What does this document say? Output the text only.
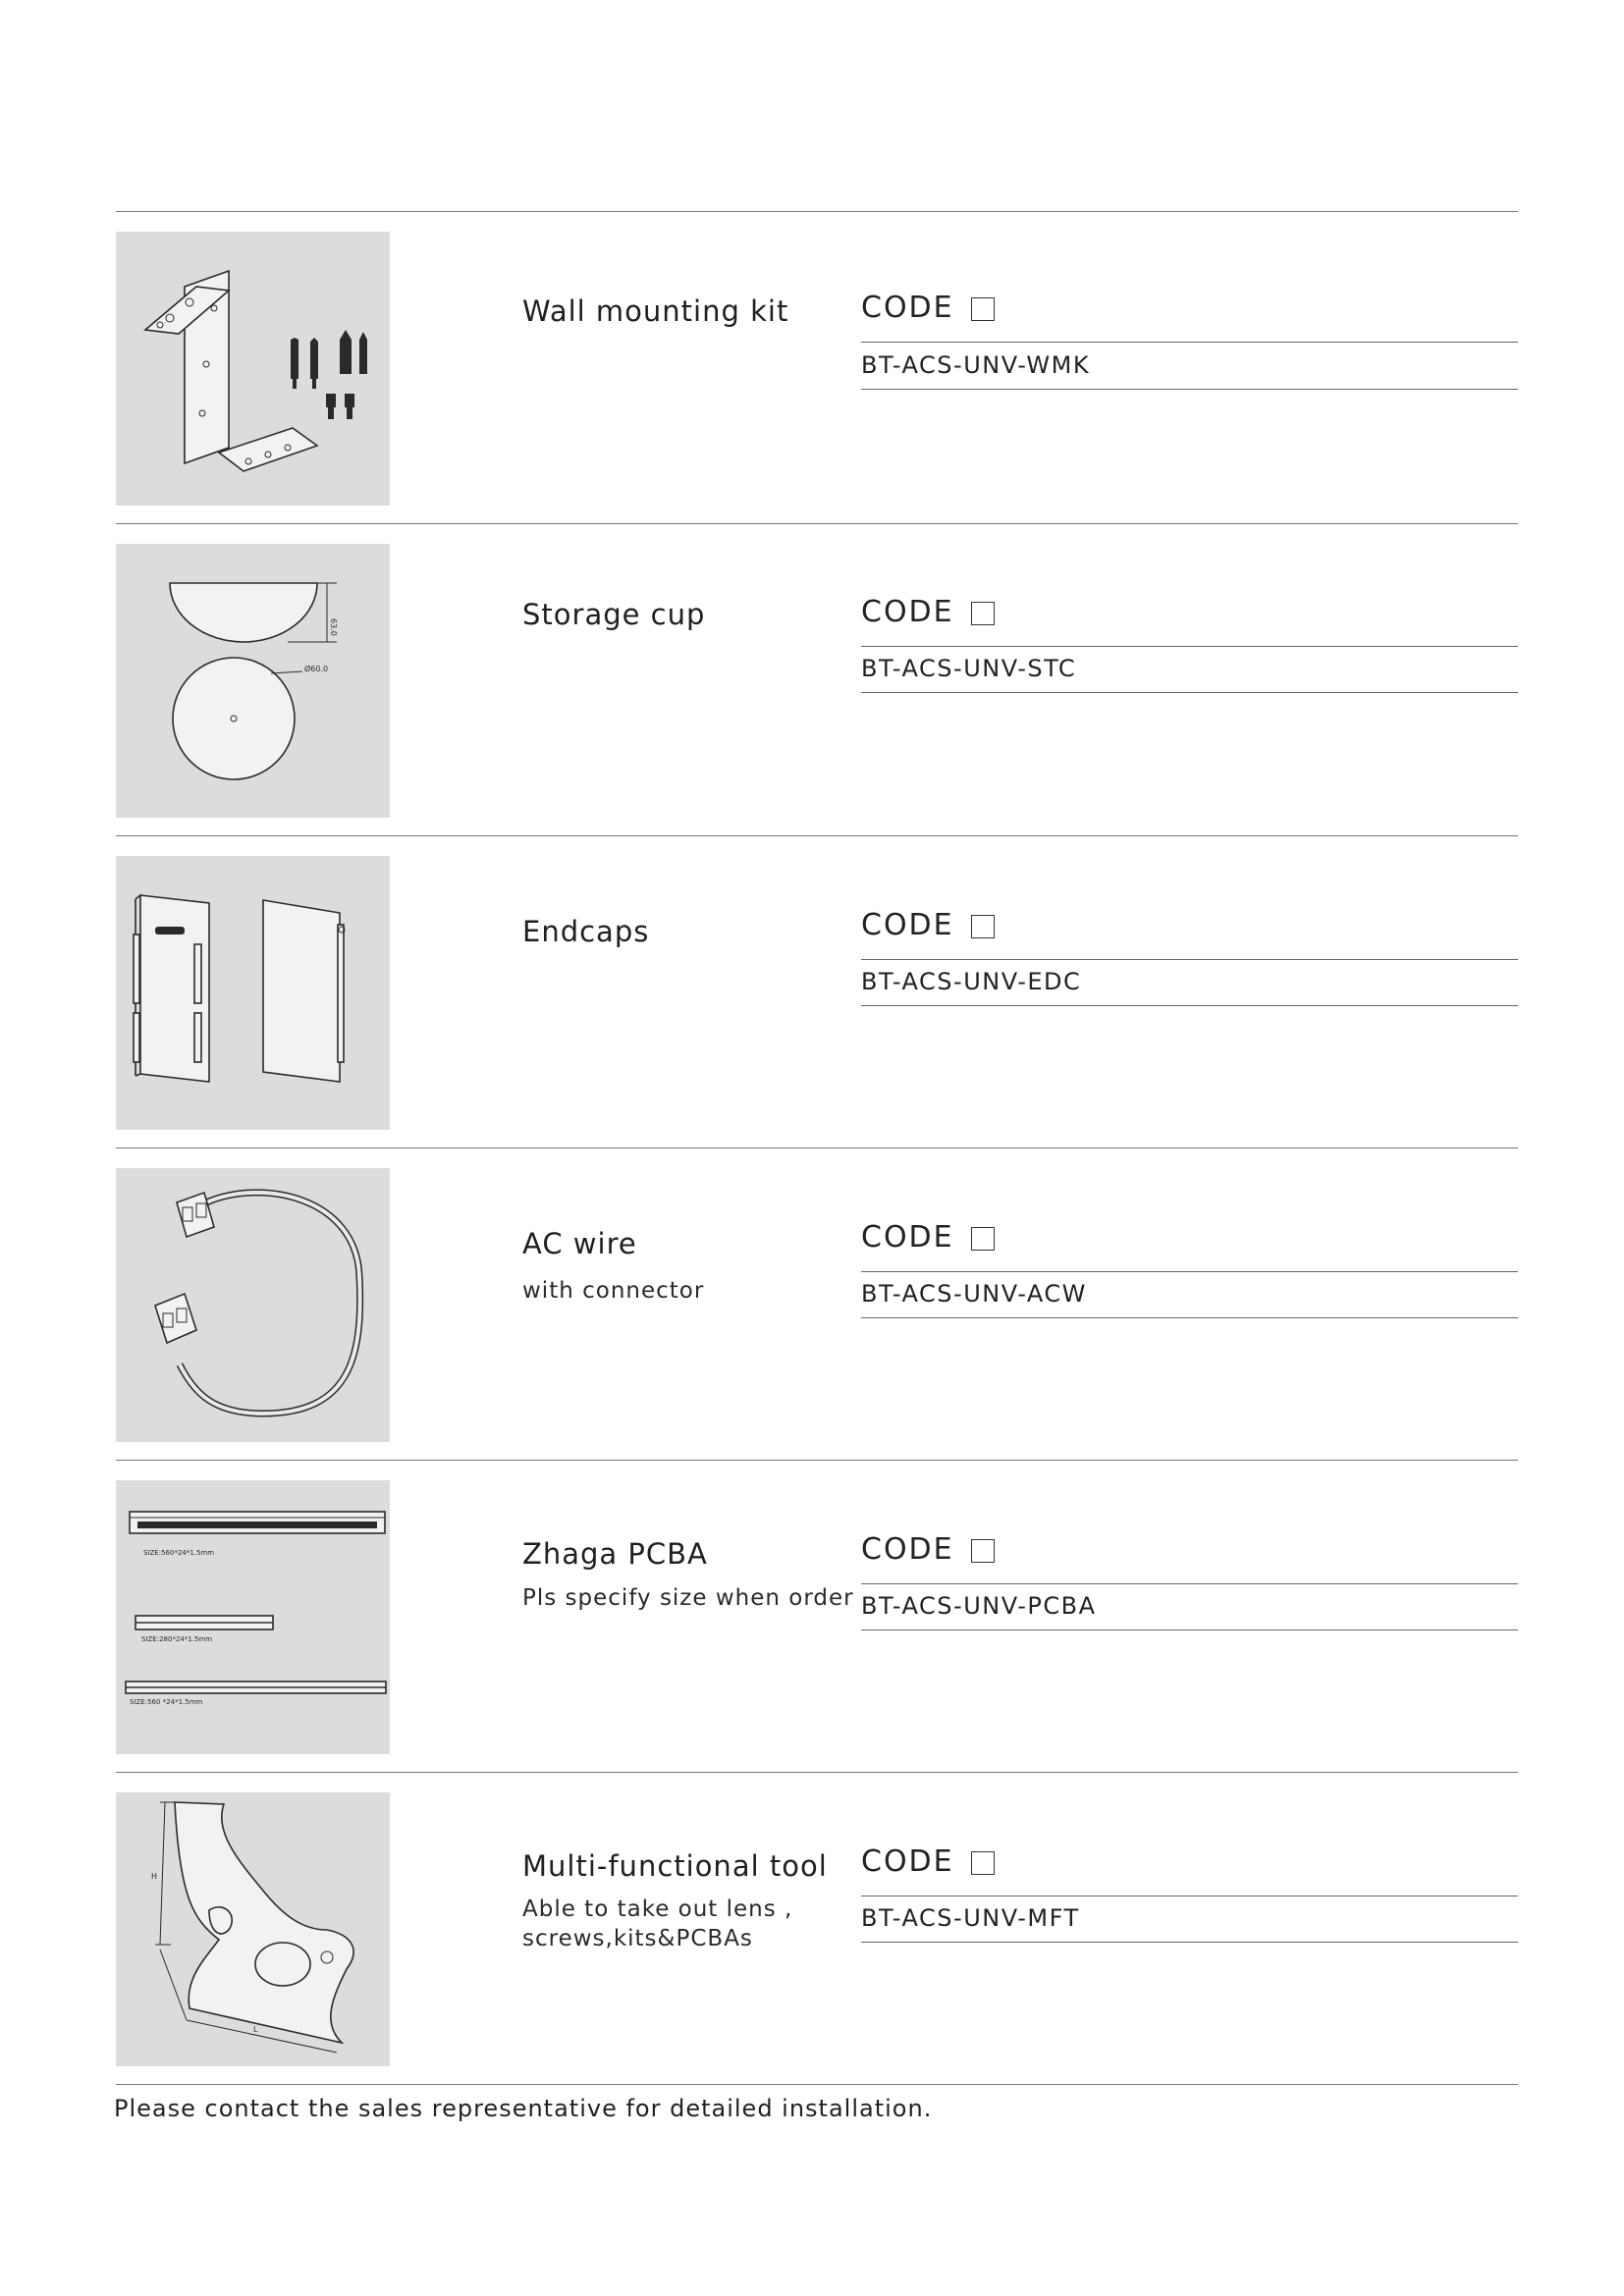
Wall mounting kit CODE
BT-ACS-UNV-WMK
63.0
Ø60.0
Storage cup	CODE
BT-ACS-UNV-STC
Endcaps	CODE
BT-ACS-UNV-EDC
AC wire
with connector
CODE
BT-ACS-UNV-ACW
SIZE:560*24*1.5mm
SIZE:280*24*1.5mm
SIZE:560 *24*1.5mm
Zhaga PCBA
Pls specify size when order
CODE
BT-ACS-UNV-PCBA
H
L
Multi-functional tool
Able to take out lens ,
screws,kits&PCBAs
CODE
BT-ACS-UNV-MFT
Please contact the sales representative for detailed installation.
